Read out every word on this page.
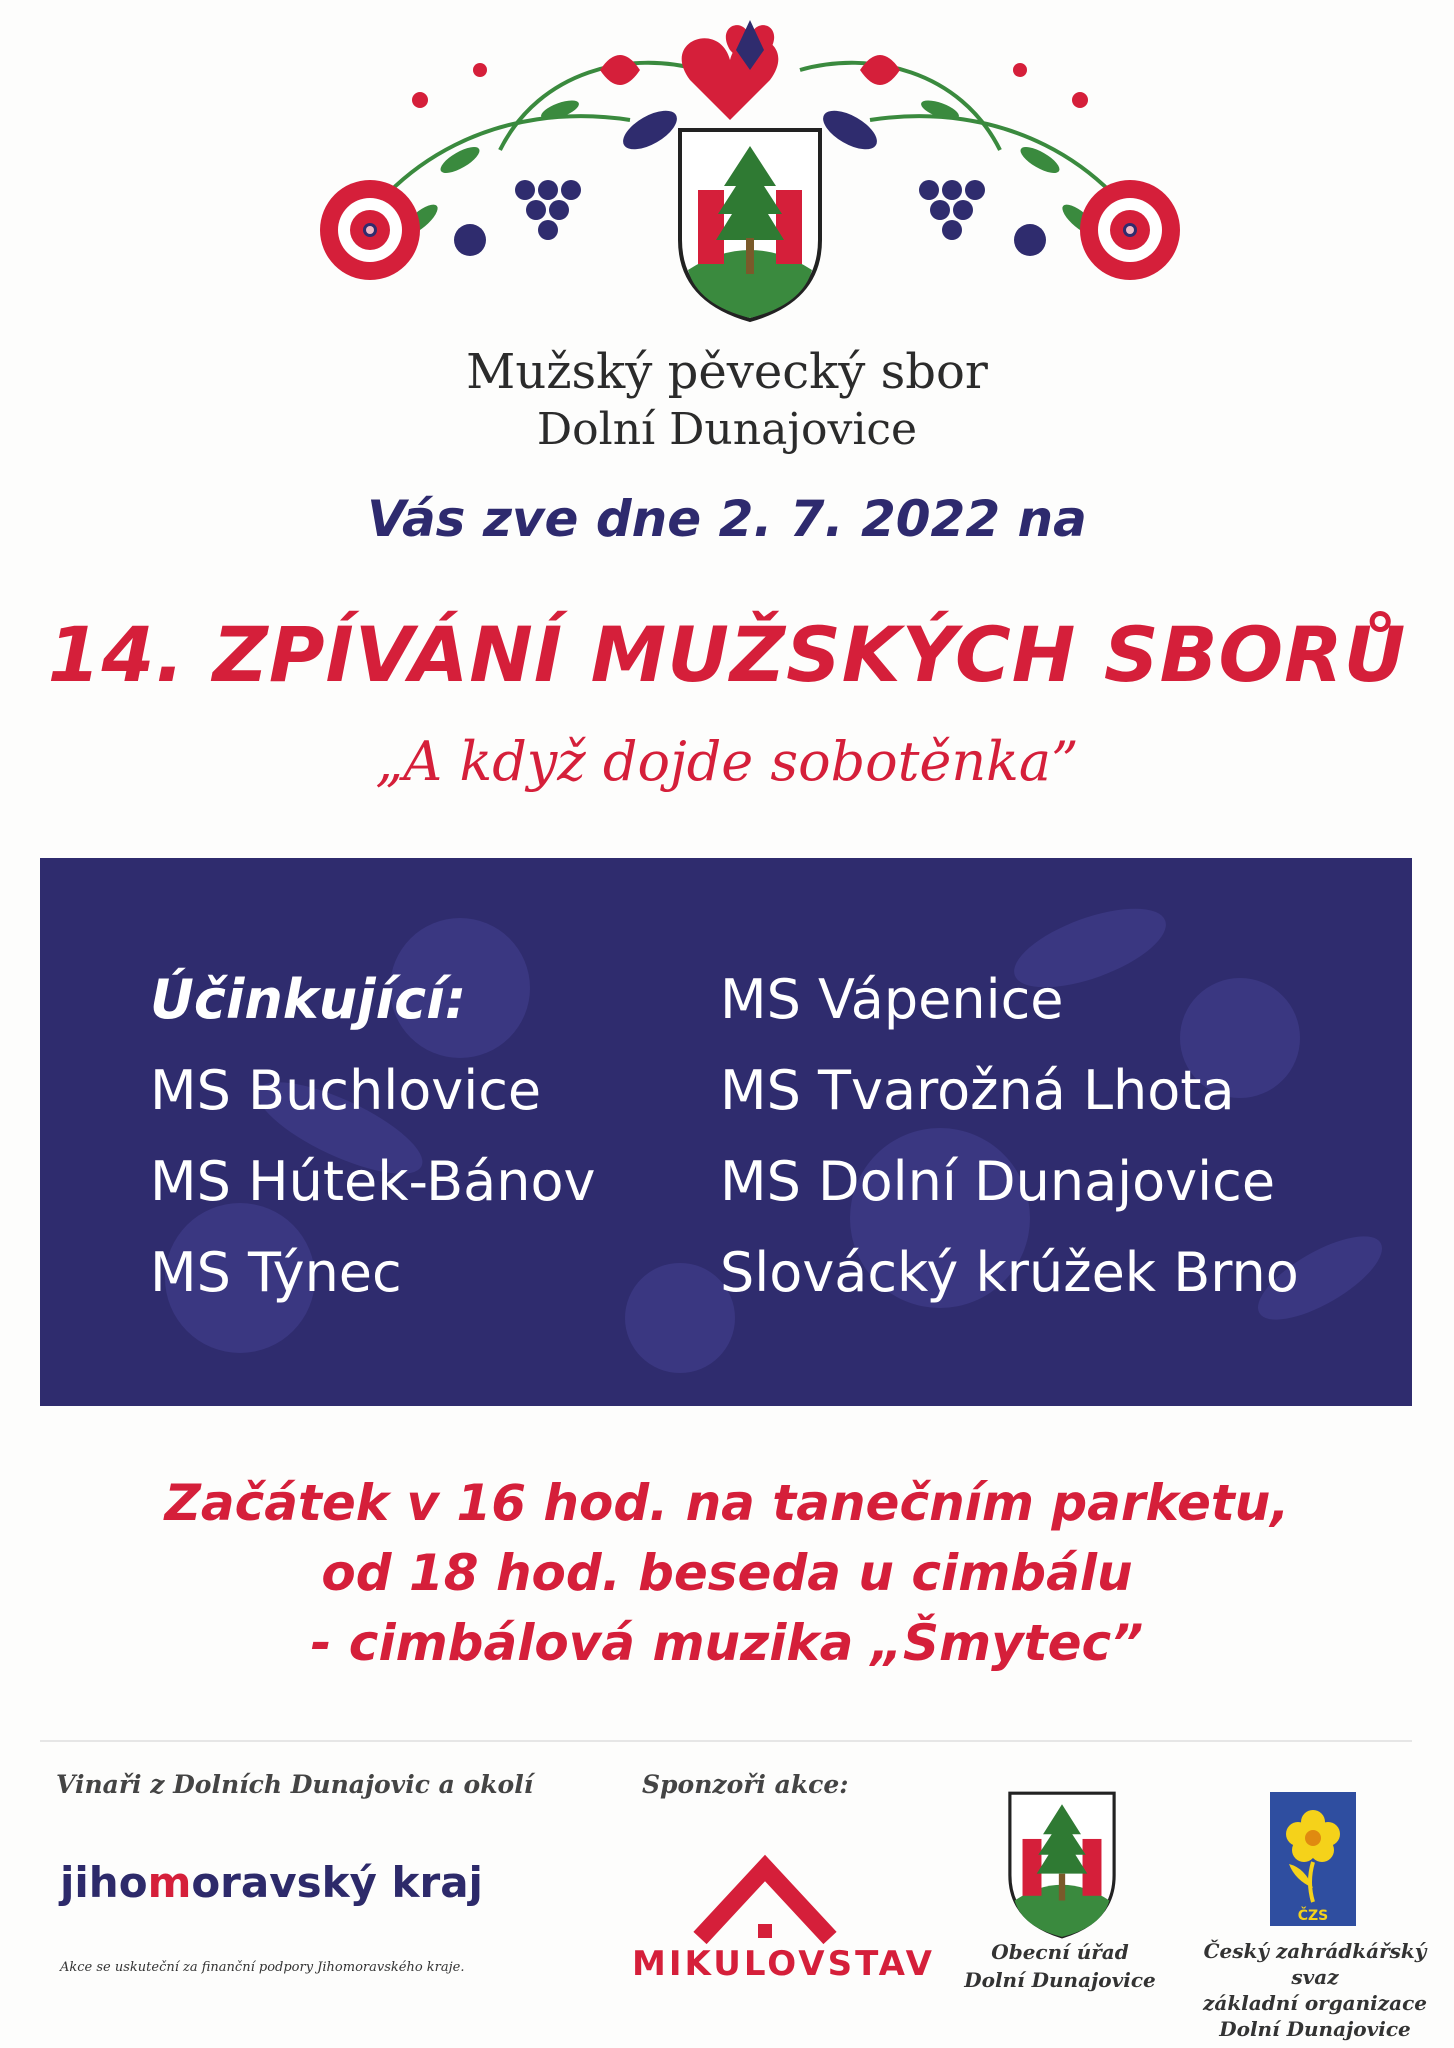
Mužský pěvecký sbor
Dolní Dunajovice
Vás zve dne 2. 7. 2022 na
14. ZPÍVÁNÍ MUŽSKÝCH SBORŮ
„A když dojde sobotěnka”
Účinkující:
MS Buchlovice
MS Hútek-Bánov
MS Týnec
MS Vápenice
MS Tvarožná Lhota
MS Dolní Dunajovice
Slovácký krúžek Brno
Začátek v 16 hod. na tanečním parketu,
od 18 hod. beseda u cimbálu
- cimbálová muzika „Šmytec”
Vinaři z Dolních Dunajovic a okolí	Sponzoři akce:
jihomoravský kraj
Akce se uskuteční za finanční podpory Jihomoravského kraje.	MIKULOVSTAV	Obecní úřad
Dolní Dunajovice
ČZS
Český zahrádkářský svaz
základní organizace
Dolní Dunajovice
